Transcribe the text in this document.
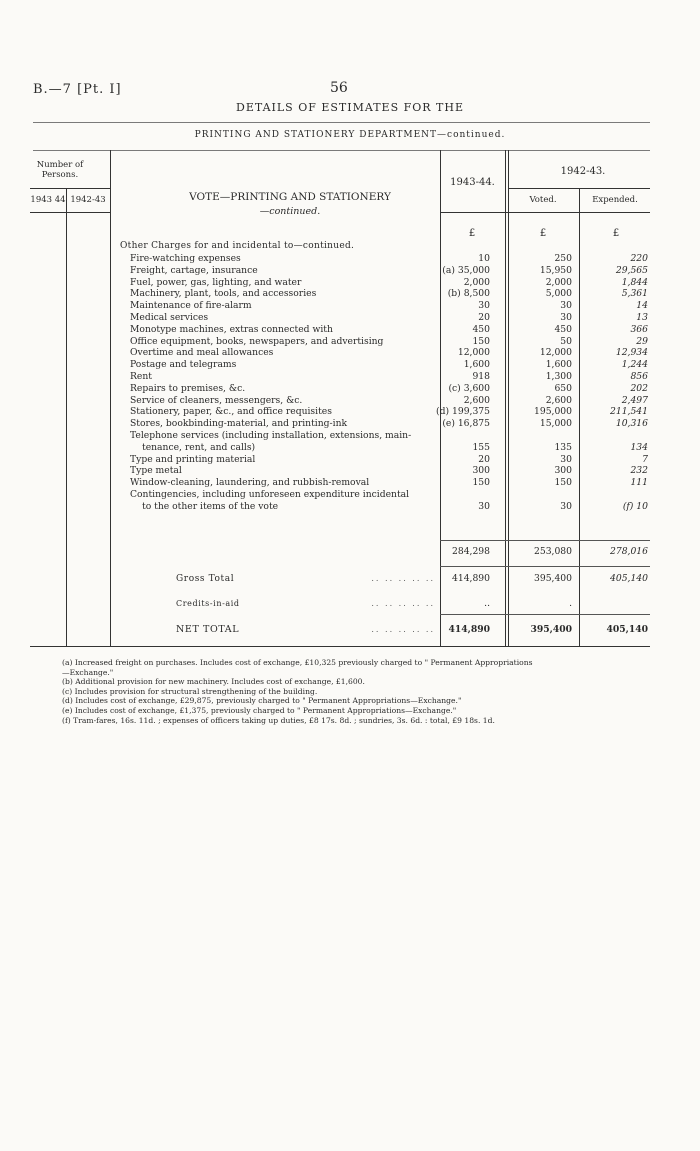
B.—7 [Pt. I]	56
DETAILS OF ESTIMATES FOR THE
PRINTING AND STATIONERY DEPARTMENT—continued.
Number of Persons.
1943 44 1942-43	VOTE—PRINTING AND STATIONERY
—continued.
1943-44.
1942-43.
Voted.	Expended.
£	£	£
Other Charges for and incidental to—continued.
Fire-watching expenses	10	250	220
Freight, cartage, insurance	(a) 35,000	15,950	29,565
Fuel, power, gas, lighting, and water	2,000	2,000	1,844
Machinery, plant, tools, and accessories	(b) 8,500	5,000	5,361
Maintenance of fire-alarm	30	30	14
Medical services	20	30	13
Monotype machines, extras connected with	450	450	366
Office equipment, books, newspapers, and advertising	150	50	29
Overtime and meal allowances	12,000	12,000	12,934
Postage and telegrams	1,600	1,600	1,244
Rent	918	1,300	856
Repairs to premises, &c.	(c) 3,600	650	202
Service of cleaners, messengers, &c.	2,600	2,600	2,497
Stationery, paper, &c., and office requisites	(d) 199,375	195,000	211,541
Stores, bookbinding-material, and printing-ink	(e) 16,875	15,000	10,316
Telephone services (including installation, extensions, main-
tenance, rent, and calls)	155	135	134
Type and printing material	20	30	7
Type metal	300	300	232
Window-cleaning, laundering, and rubbish-removal	150	150	111
Contingencies, including unforeseen expenditure incidental
to the other items of the vote	30	30	(f) 10
284,298	253,080	278,016
Gross Total	.. .. .. .. .. 414,890	395,400	405,140
Credits-in-aid	.. .. .. .. ..	..	.
NET TOTAL	.. .. .. .. .. 414,890	395,400	405,140
(a) Increased freight on purchases. Includes cost of exchange, £10,325 previously charged to " Permanent Appropriations
—Exchange."
(b) Additional provision for new machinery. Includes cost of exchange, £1,600.
(c) Includes provision for structural strengthening of the building.
(d) Includes cost of exchange, £29,875, previously charged to " Permanent Appropriations—Exchange."
(e) Includes cost of exchange, £1,375, previously charged to " Permanent Appropriations—Exchange."
(f) Tram-fares, 16s. 11d. ; expenses of officers taking up duties, £8 17s. 8d. ; sundries, 3s. 6d. : total, £9 18s. 1d.
